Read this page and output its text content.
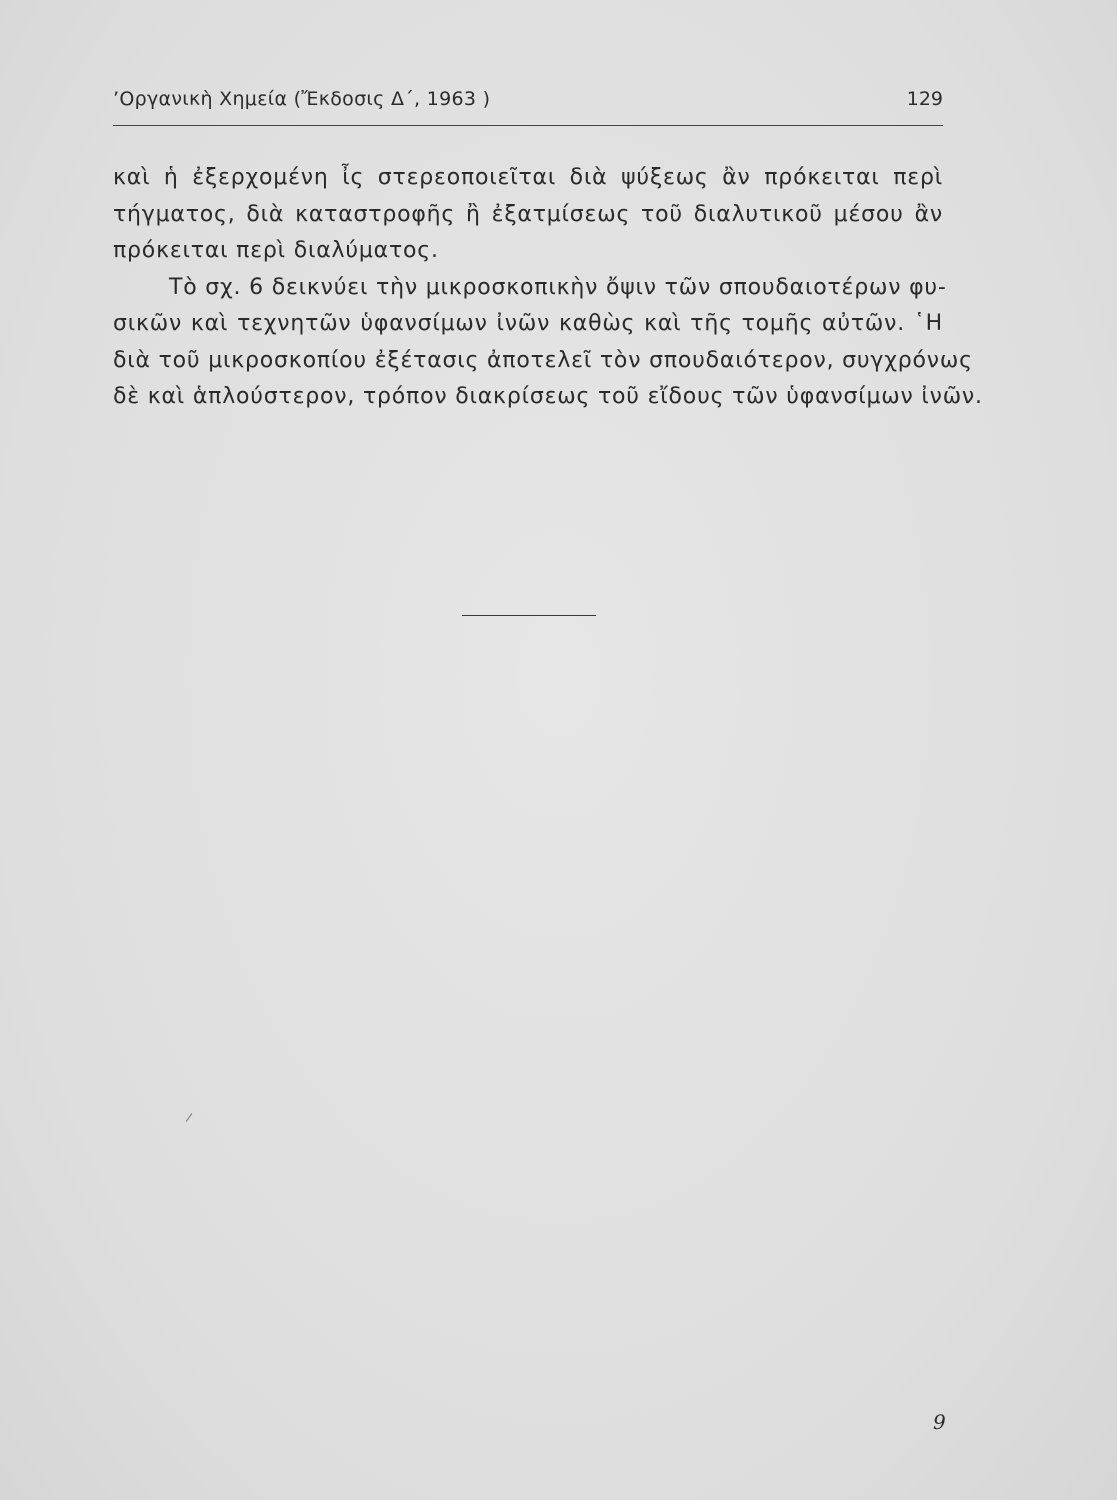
’Οργανικὴ Χημεία (Ἔκδοσις Δ΄, 1963 )	129
καὶ ἡ ἐξερχομένη ἶς στερεοποιεῖται διὰ ψύξεως ἂν πρόκειται περὶ
τήγματος, διὰ καταστροφῆς ἢ ἐξατμίσεως τοῦ διαλυτικοῦ μέσου ἂν
πρόκειται περὶ διαλύματος.
Τὸ σχ. 6 δεικνύει τὴν μικροσκοπικὴν ὄψιν τῶν σπουδαιοτέρων φυ-
σικῶν καὶ τεχνητῶν ὑφανσίμων ἰνῶν καθὼς καὶ τῆς τομῆς αὐτῶν. ῾Η
διὰ τοῦ μικροσκοπίου ἐξέτασις ἀποτελεῖ τὸν σπουδαιότερον, συγχρόνως
δὲ καὶ ἁπλούστερον, τρόπον διακρίσεως τοῦ εἴδους τῶν ὑφανσίμων ἰνῶν.
9
